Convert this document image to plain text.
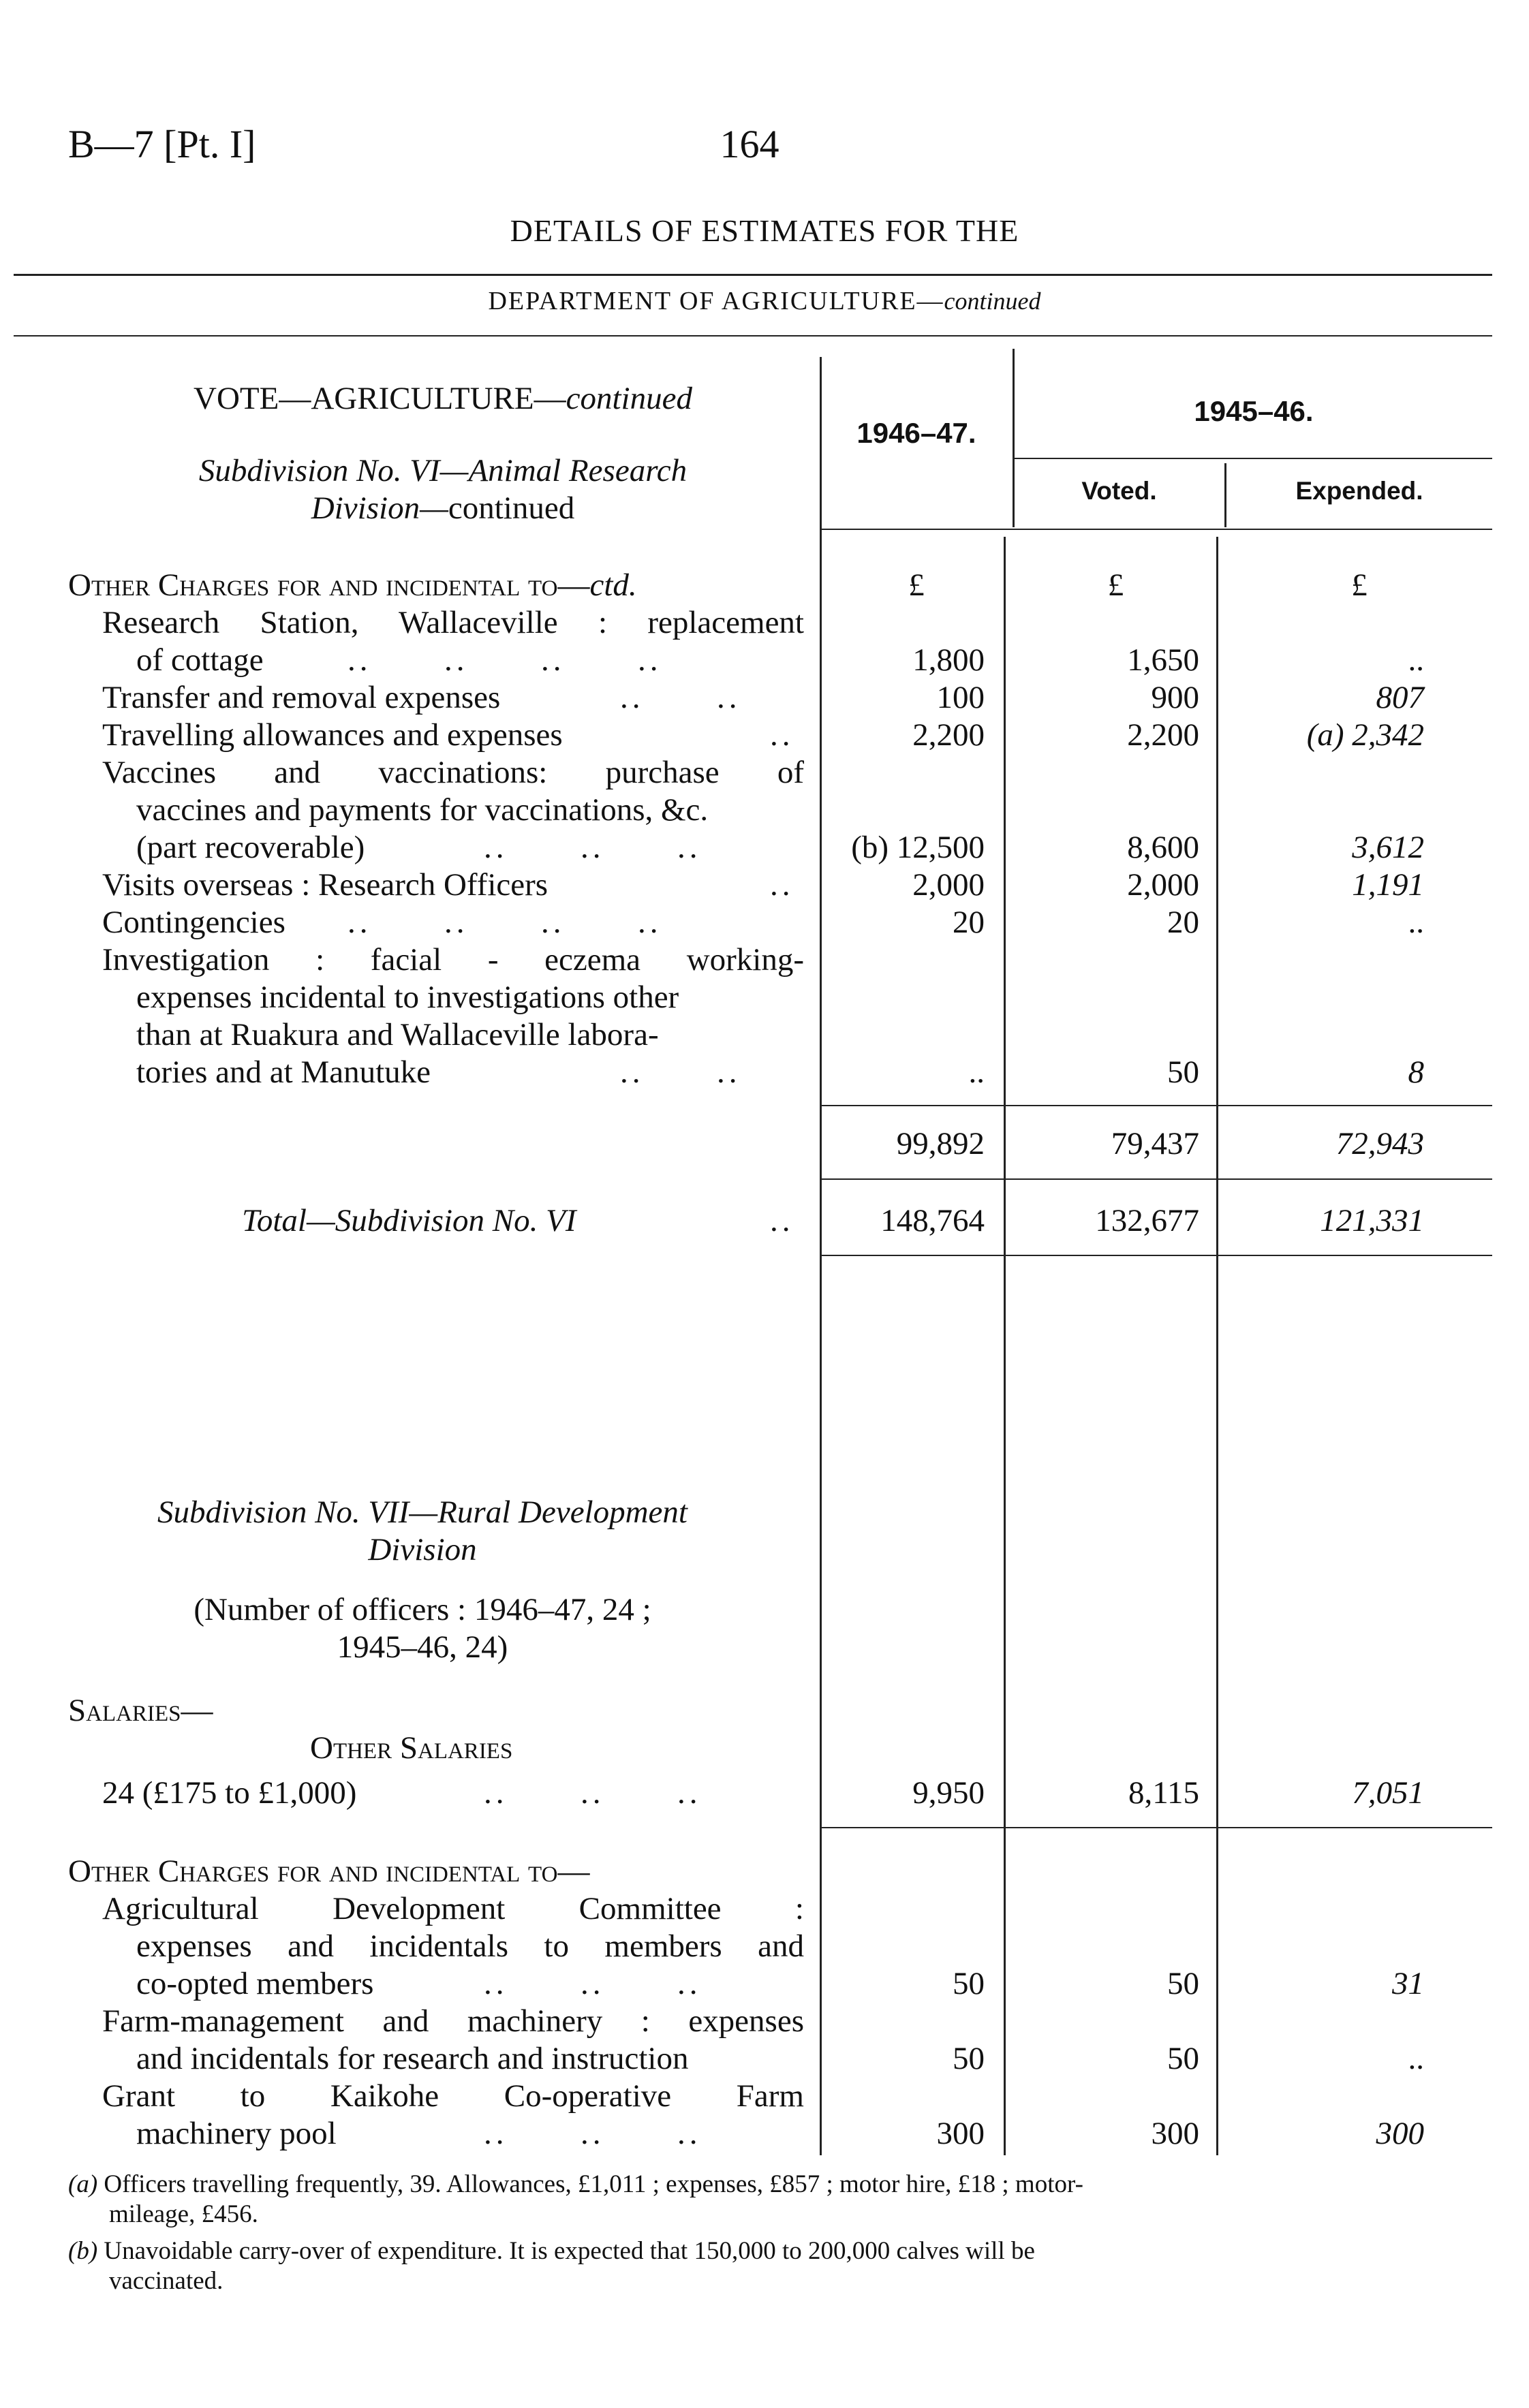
B—7 [Pt. I]	164
DETAILS OF ESTIMATES FOR THE
DEPARTMENT OF AGRICULTURE—continued
1946–47.
1945–46.
Voted.	Expended.
VOTE—AGRICULTURE—continued
Subdivision No. VI—Animal Research
Division—continued
£	£	£
Other Charges for and incidental to—ctd.
Research Station, Wallaceville : replacement
of cottage	..      ..      ..      ..	1,800	1,650	..
Transfer and removal expenses	..      ..	100	900	807
Travelling allowances and expenses	..	2,200	2,200	(a) 2,342
Vaccines and vaccinations: purchase of
vaccines and payments for vaccinations, &c.
(part recoverable)	..      ..      ..	(b) 12,500	8,600	3,612
Visits overseas : Research Officers	..	2,000	2,000	1,191
Contingencies ..      ..      ..      ..	20	20	..
Investigation : facial - eczema working-
expenses incidental to investigations other
than at Ruakura and Wallaceville labora-
tories and at Manutuke	..      ..	..	50	8
99,892	79,437	72,943
Total—Subdivision No. VI	..	148,764	132,677	121,331
Subdivision No. VII—Rural Development
Division
(Number of officers : 1946–47, 24 ;
1945–46, 24)
Salaries—
Other Salaries
24 (£175 to £1,000)	..      ..      ..	9,950	8,115	7,051
Other Charges for and incidental to—
Agricultural Development Committee :
expenses and incidentals to members and
co-opted members	..      ..      ..	50	50	31
Farm-management and machinery : expenses
and incidentals for research and instruction	50	50	..
Grant to Kaikohe Co-operative Farm
machinery pool	..      ..      ..	300	300	300
(a) Officers travelling frequently, 39. Allowances, £1,011 ; expenses, £857 ; motor hire, £18 ; motor-
mileage, £456.
(b) Unavoidable carry-over of expenditure. It is expected that 150,000 to 200,000 calves will be
vaccinated.
